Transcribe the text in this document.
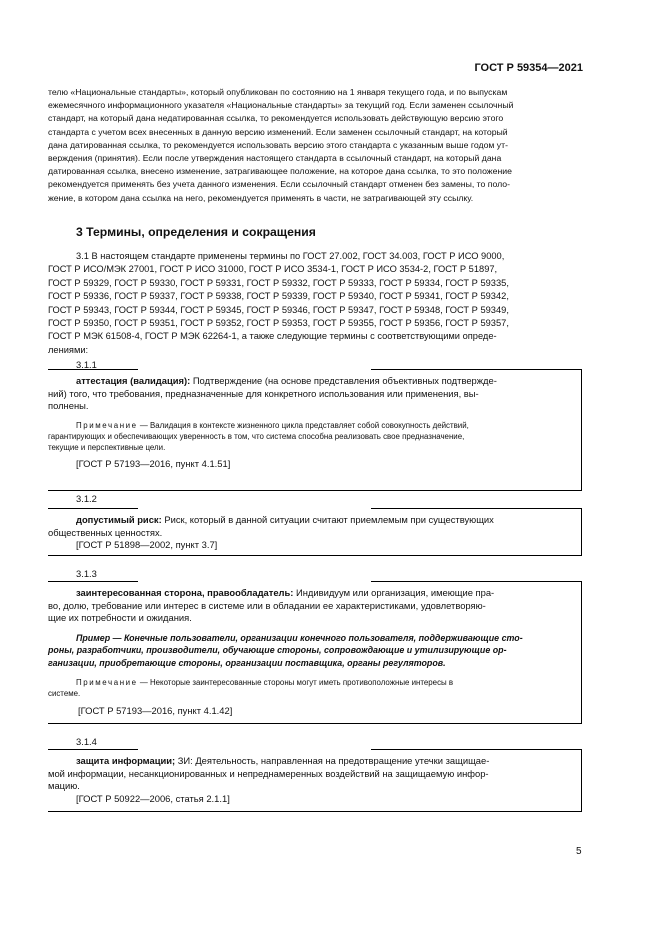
ГОСТ Р 59354—2021
телю «Национальные стандарты», который опубликован по состоянию на 1 января текущего года, и по выпускам
ежемесячного информационного указателя «Национальные стандарты» за текущий год. Если заменен ссылочный
стандарт, на который дана недатированная ссылка, то рекомендуется использовать действующую версию этого
стандарта с учетом всех внесенных в данную версию изменений. Если заменен ссылочный стандарт, на который
дана датированная ссылка, то рекомендуется использовать версию этого стандарта с указанным выше годом ут-
верждения (принятия). Если после утверждения настоящего стандарта в ссылочный стандарт, на который дана
датированная ссылка, внесено изменение, затрагивающее положение, на которое дана ссылка, то это положение
рекомендуется применять без учета данного изменения. Если ссылочный стандарт отменен без замены, то поло-
жение, в котором дана ссылка на него, рекомендуется применять в части, не затрагивающей эту ссылку.
3 Термины, определения и сокращения
3.1 В настоящем стандарте применены термины по ГОСТ 27.002, ГОСТ 34.003, ГОСТ Р ИСО 9000,
ГОСТ Р ИСО/МЭК 27001, ГОСТ Р ИСО 31000, ГОСТ Р ИСО 3534-1, ГОСТ Р ИСО 3534-2, ГОСТ Р 51897,
ГОСТ Р 59329, ГОСТ Р 59330, ГОСТ Р 59331, ГОСТ Р 59332, ГОСТ Р 59333, ГОСТ Р 59334, ГОСТ Р 59335,
ГОСТ Р 59336, ГОСТ Р 59337, ГОСТ Р 59338, ГОСТ Р 59339, ГОСТ Р 59340, ГОСТ Р 59341, ГОСТ Р 59342,
ГОСТ Р 59343, ГОСТ Р 59344, ГОСТ Р 59345, ГОСТ Р 59346, ГОСТ Р 59347, ГОСТ Р 59348, ГОСТ Р 59349,
ГОСТ Р 59350, ГОСТ Р 59351, ГОСТ Р 59352, ГОСТ Р 59353, ГОСТ Р 59355, ГОСТ Р 59356, ГОСТ Р 59357,
ГОСТ Р МЭК 61508-4, ГОСТ Р МЭК 62264-1, а также следующие термины с соответствующими опреде-
лениями:
3.1.1

аттестация (валидация): Подтверждение (на основе представления объективных подтвержде-

ний) того, что требования, предназначенные для конкретного использования или применения, вы-

полнены.

Примечание — Валидация в контексте жизненного цикла представляет собой совокупность действий,

гарантирующих и обеспечивающих уверенность в том, что система способна реализовать свое предназначение,

текущие и перспективные цели.

[ГОСТ Р 57193—2016, пункт 4.1.51]

3.1.2

допустимый риск: Риск, который в данной ситуации считают приемлемым при существующих

общественных ценностях.

[ГОСТ Р 51898—2002, пункт 3.7]

3.1.3

заинтересованная сторона, правообладатель: Индивидуум или организация, имеющие пра-

во, долю, требование или интерес в системе или в обладании ее характеристиками, удовлетворяю-

щие их потребности и ожидания.

Пример — Конечные пользователи, организации конечного пользователя, поддерживающие сто-

роны, разработчики, производители, обучающие стороны, сопровождающие и утилизирующие ор-

ганизации, приобретающие стороны, организации поставщика, органы регуляторов.

Примечание — Некоторые заинтересованные стороны могут иметь противоположные интересы в

системе.

[ГОСТ Р 57193—2016, пункт 4.1.42]

3.1.4

защита информации; ЗИ: Деятельность, направленная на предотвращение утечки защищае-

мой информации, несанкционированных и непреднамеренных воздействий на защищаемую инфор-

мацию.

[ГОСТ Р 50922—2006, статья 2.1.1]

5
